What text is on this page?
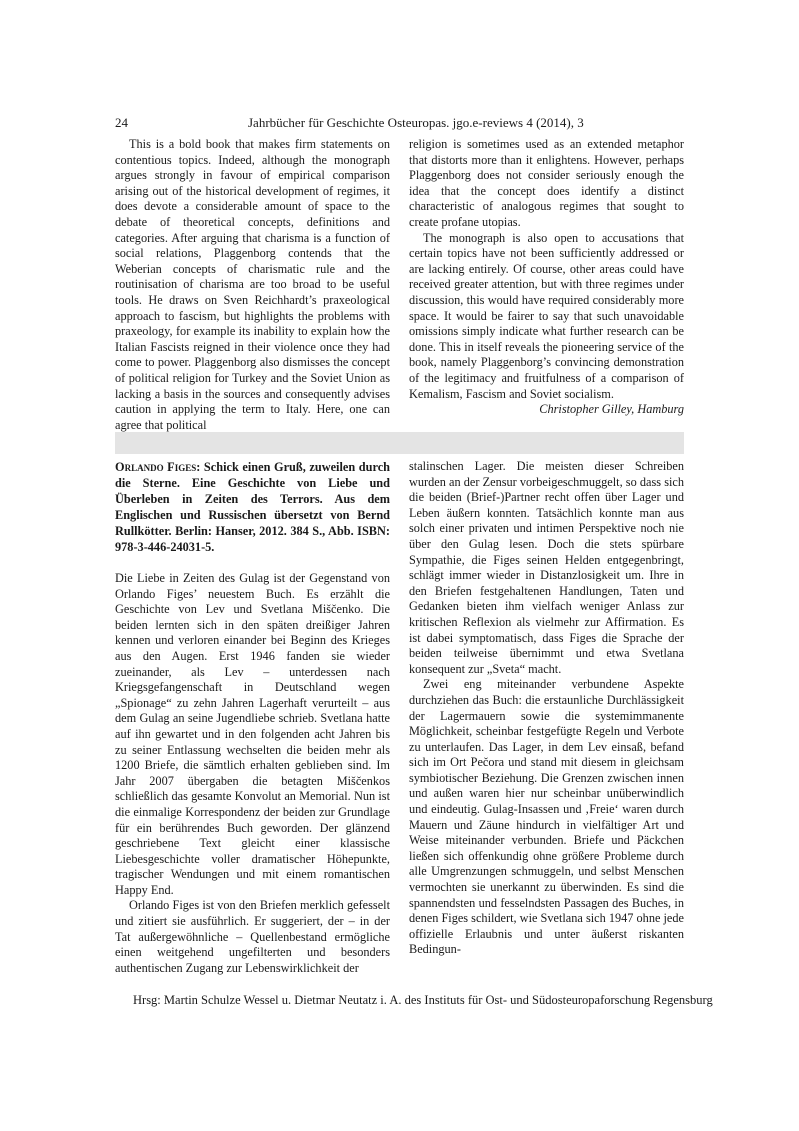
24	Jahrbücher für Geschichte Osteuropas. jgo.e-reviews 4 (2014), 3

This is a bold book that makes firm statements on contentious topics. Indeed, although the monograph argues strongly in favour of empirical comparison arising out of the historical development of regimes, it does devote a considerable amount of space to the debate of theoretical concepts, definitions and categories. After arguing that charisma is a function of social relations, Plaggenborg contends that the Weberian concepts of charismatic rule and the routinisation of charisma are too broad to be useful tools. He draws on Sven Reichhardt’s praxeological approach to fascism, but highlights the problems with praxeology, for example its inability to explain how the Italian Fascists reigned in their violence once they had come to power. Plaggenborg also dismisses the concept of political religion for Turkey and the Soviet Union as lacking a basis in the sources and consequently advises caution in applying the term to Italy. Here, one can agree that political

religion is sometimes used as an extended metaphor that distorts more than it enlightens. However, perhaps Plaggenborg does not consider seriously enough the idea that the concept does identify a distinct characteristic of analogous regimes that sought to create profane utopias.

The monograph is also open to accusations that certain topics have not been sufficiently addressed or are lacking entirely. Of course, other areas could have received greater attention, but with three regimes under discussion, this would have required considerably more space. It would be fairer to say that such unavoidable omissions simply indicate what further research can be done. This in itself reveals the pioneering service of the book, namely Plaggenborg’s convincing demonstration of the legitimacy and fruitfulness of a comparison of Kemalism, Fascism and Soviet socialism.

Christopher Gilley, Hamburg
Orlando Figes: Schick einen Gruß, zuweilen durch die Sterne. Eine Geschichte von Liebe und Überleben in Zeiten des Terrors. Aus dem Englischen und Russischen übersetzt von Bernd Rullkötter. Berlin: Hanser, 2012. 384 S., Abb. ISBN: 978-3-446-24031-5.

Die Liebe in Zeiten des Gulag ist der Gegenstand von Orlando Figes’ neuestem Buch. Es erzählt die Geschichte von Lev und Svetlana Miščenko. Die beiden lernten sich in den späten dreißiger Jahren kennen und verloren einander bei Beginn des Krieges aus den Augen. Erst 1946 fanden sie wieder zueinander, als Lev – unterdessen nach Kriegsgefangenschaft in Deutschland wegen „Spionage“ zu zehn Jahren Lagerhaft verurteilt – aus dem Gulag an seine Jugendliebe schrieb. Svetlana hatte auf ihn gewartet und in den folgenden acht Jahren bis zu seiner Entlassung wechselten die beiden mehr als 1200 Briefe, die sämtlich erhalten geblieben sind. Im Jahr 2007 übergaben die betagten Miščenkos schließlich das gesamte Konvolut an Memorial. Nun ist die einmalige Korrespondenz der beiden zur Grundlage für ein berührendes Buch geworden. Der glänzend geschriebene Text gleicht einer klassische Liebesgeschichte voller dramatischer Höhepunkte, tragischer Wendungen und mit einem romantischen Happy End.

Orlando Figes ist von den Briefen merklich gefesselt und zitiert sie ausführlich. Er suggeriert, der – in der Tat außergewöhnliche – Quellenbestand ermögliche einen weitgehend ungefilterten und besonders authentischen Zugang zur Lebenswirklichkeit der

stalinschen Lager. Die meisten dieser Schreiben wurden an der Zensur vorbeigeschmuggelt, so dass sich die beiden (Brief-)Partner recht offen über Lager und Leben äußern konnten. Tatsächlich konnte man aus solch einer privaten und intimen Perspektive noch nie über den Gulag lesen. Doch die stets spürbare Sympathie, die Figes seinen Helden entgegenbringt, schlägt immer wieder in Distanzlosigkeit um. Ihre in den Briefen festgehaltenen Handlungen, Taten und Gedanken bieten ihm vielfach weniger Anlass zur kritischen Reflexion als vielmehr zur Affirmation. Es ist dabei symptomatisch, dass Figes die Sprache der beiden teilweise übernimmt und etwa Svetlana konsequent zur „Sveta“ macht.

Zwei eng miteinander verbundene Aspekte durchziehen das Buch: die erstaunliche Durchlässigkeit der Lagermauern sowie die systemimmanente Möglichkeit, scheinbar festgefügte Regeln und Verbote zu unterlaufen. Das Lager, in dem Lev einsaß, befand sich im Ort Pečora und stand mit diesem in gleichsam symbiotischer Beziehung. Die Grenzen zwischen innen und außen waren hier nur scheinbar unüberwindlich und eindeutig. Gulag-Insassen und ‚Freie‘ waren durch Mauern und Zäune hindurch in vielfältiger Art und Weise miteinander verbunden. Briefe und Päckchen ließen sich offenkundig ohne größere Probleme durch alle Umgrenzungen schmuggeln, und selbst Menschen vermochten sie unerkannt zu überwinden. Es sind die spannendsten und fesselndsten Passagen des Buches, in denen Figes schildert, wie Svetlana sich 1947 ohne jede offizielle Erlaubnis und unter äußerst riskanten Bedingun-

Hrsg: Martin Schulze Wessel u. Dietmar Neutatz i. A. des Instituts für Ost- und Südosteuropaforschung Regensburg
